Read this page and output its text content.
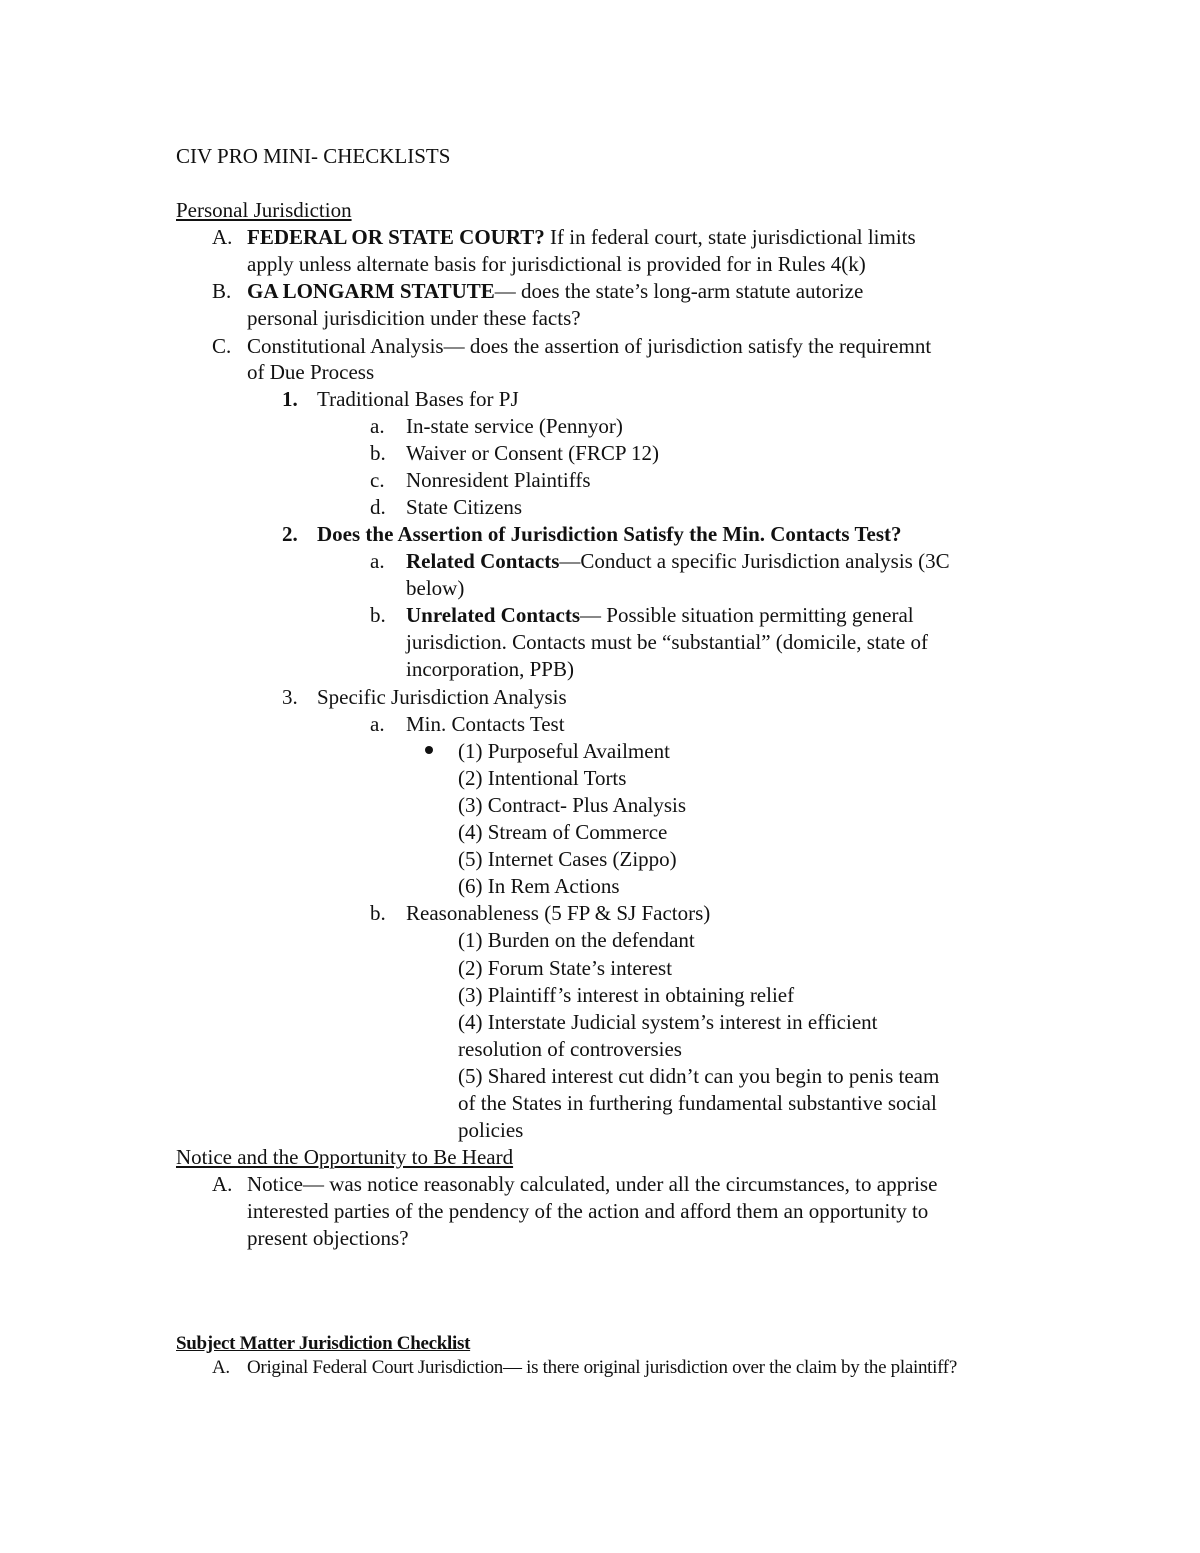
CIV PRO MINI- CHECKLISTS
Personal Jurisdiction
A. FEDERAL OR STATE COURT? If in federal court, state jurisdictional limits
apply unless alternate basis for jurisdictional is provided for in Rules 4(k)
B. GA LONGARM STATUTE— does the state’s long-arm statute autorize
personal jurisdicition under these facts?
C. Constitutional Analysis— does the assertion of jurisdiction satisfy the requiremnt
of Due Process
1. Traditional Bases for PJ
a. In-state service (Pennyor)
b. Waiver or Consent (FRCP 12)
c. Nonresident Plaintiffs
d. State Citizens
2. Does the Assertion of Jurisdiction Satisfy the Min. Contacts Test?
a. Related Contacts—Conduct a specific Jurisdiction analysis (3C
below)
b. Unrelated Contacts— Possible situation permitting general
jurisdiction. Contacts must be “substantial” (domicile, state of
incorporation, PPB)
3. Specific Jurisdiction Analysis
a. Min. Contacts Test
(1) Purposeful Availment
(2) Intentional Torts
(3) Contract- Plus Analysis
(4) Stream of Commerce
(5) Internet Cases (Zippo)
(6) In Rem Actions
b. Reasonableness (5 FP & SJ Factors)
(1) Burden on the defendant
(2) Forum State’s interest
(3) Plaintiff’s interest in obtaining relief
(4) Interstate Judicial system’s interest in efficient
resolution of controversies
(5) Shared interest cut didn’t can you begin to penis team
of the States in furthering fundamental substantive social
policies
Notice and the Opportunity to Be Heard
A. Notice— was notice reasonably calculated, under all the circumstances, to apprise
interested parties of the pendency of the action and afford them an opportunity to
present objections?
Subject Matter Jurisdiction Checklist
A. Original Federal Court Jurisdiction— is there original jurisdiction over the claim by the plaintiff?
